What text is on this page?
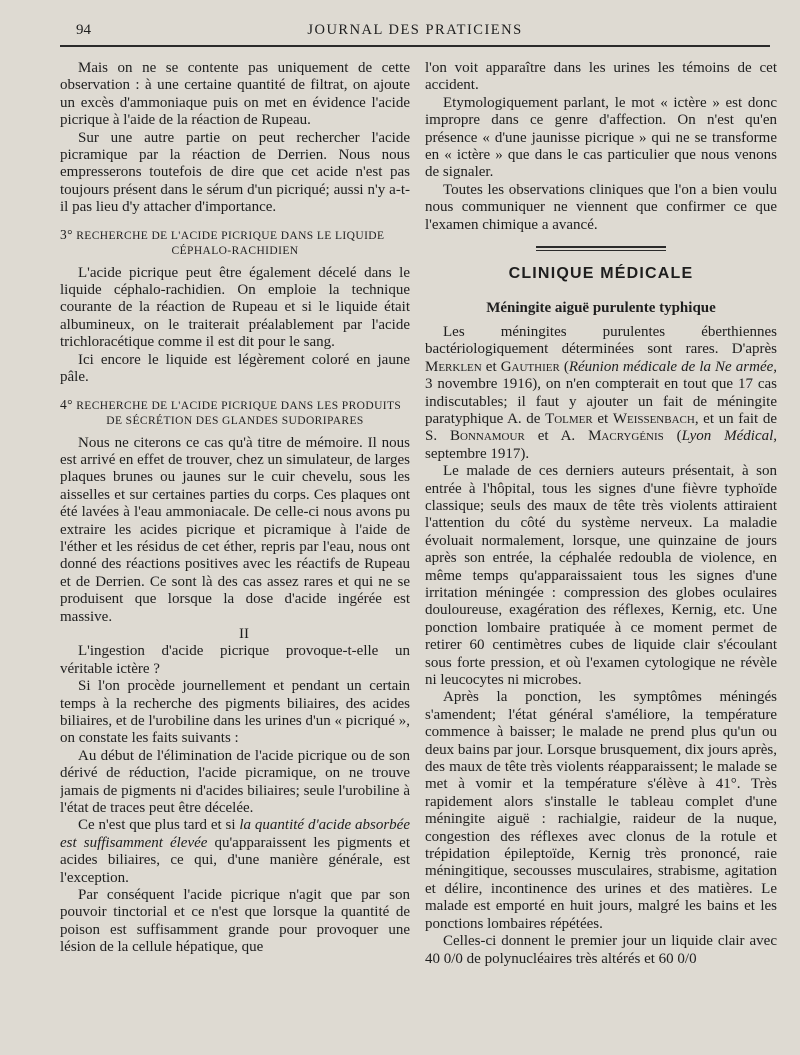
94	JOURNAL DES PRATICIENS

Mais on ne se contente pas uniquement de cette observation : à une certaine quantité de filtrat, on ajoute un excès d'ammoniaque puis on met en évidence l'acide picrique à l'aide de la réaction de Rupeau.

Sur une autre partie on peut rechercher l'acide picramique par la réaction de Derrien. Nous nous empresserons toutefois de dire que cet acide n'est pas toujours présent dans le sérum d'un picriqué; aussi n'y a-t-il pas lieu d'y attacher d'importance.

3° RECHERCHE DE L'ACIDE PICRIQUE DANS LE LIQUIDE
CÉPHALO-RACHIDIEN

L'acide picrique peut être également décelé dans le liquide céphalo-rachidien. On emploie la technique courante de la réaction de Rupeau et si le liquide était albumineux, on le traiterait préalablement par l'acide trichloracétique comme il est dit pour le sang.

Ici encore le liquide est légèrement coloré en jaune pâle.

4° RECHERCHE DE L'ACIDE PICRIQUE DANS LES PRODUITS
DE SÉCRÉTION DES GLANDES SUDORIPARES

Nous ne citerons ce cas qu'à titre de mémoire. Il nous est arrivé en effet de trouver, chez un simulateur, de larges plaques brunes ou jaunes sur le cuir chevelu, sous les aisselles et sur certaines parties du corps. Ces plaques ont été lavées à l'eau ammoniacale. De celle-ci nous avons pu extraire les acides picrique et picramique à l'aide de l'éther et les résidus de cet éther, repris par l'eau, nous ont donné des réactions positives avec les réactifs de Rupeau et de Derrien. Ce sont là des cas assez rares et qui ne se produisent que lorsque la dose d'acide ingérée est massive.

II

L'ingestion d'acide picrique provoque-t-elle un véritable ictère ?

Si l'on procède journellement et pendant un certain temps à la recherche des pigments biliaires, des acides biliaires, et de l'urobiline dans les urines d'un « picriqué », on constate les faits suivants :

Au début de l'élimination de l'acide picrique ou de son dérivé de réduction, l'acide picramique, on ne trouve jamais de pigments ni d'acides biliaires; seule l'urobiline à l'état de traces peut être décelée.

Ce n'est que plus tard et si la quantité d'acide absorbée est suffisamment élevée qu'apparaissent les pigments et acides biliaires, ce qui, d'une manière générale, est l'exception.

Par conséquent l'acide picrique n'agit que par son pouvoir tinctorial et ce n'est que lorsque la quantité de poison est suffisamment grande pour provoquer une lésion de la cellule hépatique, que

l'on voit apparaître dans les urines les témoins de cet accident.

Etymologiquement parlant, le mot « ictère » est donc impropre dans ce genre d'affection. On n'est qu'en présence « d'une jaunisse picrique » qui ne se transforme en « ictère » que dans le cas particulier que nous venons de signaler.

Toutes les observations cliniques que l'on a bien voulu nous communiquer ne viennent que confirmer ce que l'examen chimique a avancé.

CLINIQUE MÉDICALE
Méningite aiguë purulente typhique

Les méningites purulentes éberthiennes bactériologiquement déterminées sont rares. D'après Merklen et Gauthier (Réunion médicale de la Ne armée, 3 novembre 1916), on n'en compterait en tout que 17 cas indiscutables; il faut y ajouter un fait de méningite paratyphique A. de Tolmer et Weissenbach, et un fait de S. Bonnamour et A. Macrygénis (Lyon Médical, septembre 1917).

Le malade de ces derniers auteurs présentait, à son entrée à l'hôpital, tous les signes d'une fièvre typhoïde classique; seuls des maux de tête très violents attiraient l'attention du côté du système nerveux. La maladie évoluait normalement, lorsque, une quinzaine de jours après son entrée, la céphalée redoubla de violence, en même temps qu'apparaissaient tous les signes d'une irritation méningée : compression des globes oculaires douloureuse, exagération des réflexes, Kernig, etc. Une ponction lombaire pratiquée à ce moment permet de retirer 60 centimètres cubes de liquide clair s'écoulant sous forte pression, et où l'examen cytologique ne révèle ni leucocytes ni microbes.

Après la ponction, les symptômes méningés s'amendent; l'état général s'améliore, la température commence à baisser; le malade ne prend plus qu'un ou deux bains par jour. Lorsque brusquement, dix jours après, des maux de tête très violents réapparaissent; le malade se met à vomir et la température s'élève à 41°. Très rapidement alors s'installe le tableau complet d'une méningite aiguë : rachialgie, raideur de la nuque, congestion des réflexes avec clonus de la rotule et trépidation épileptoïde, Kernig très prononcé, raie méningitique, secousses musculaires, strabisme, agitation et délire, incontinence des urines et des matières. Le malade est emporté en huit jours, malgré les bains et les ponctions lombaires répétées.

Celles-ci donnent le premier jour un liquide clair avec 40 0/0 de polynucléaires très altérés et 60 0/0
